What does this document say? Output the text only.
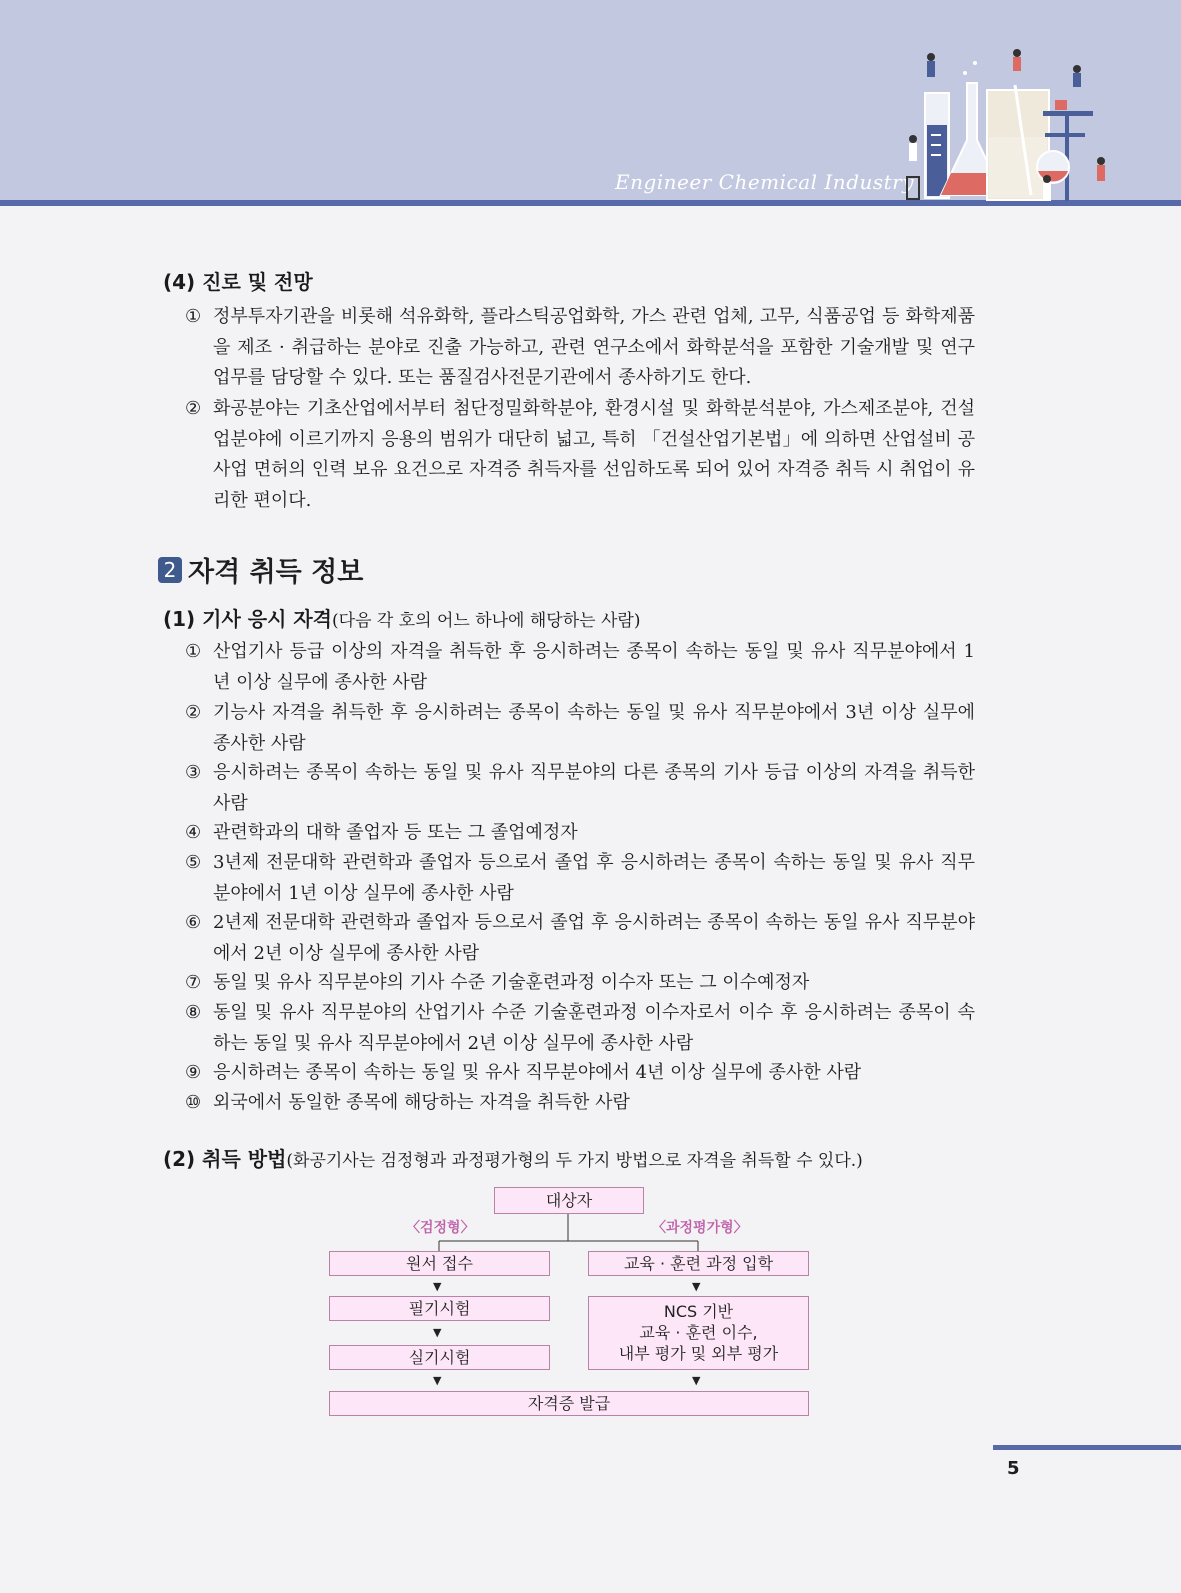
Engineer Chemical Industry
(4) 진로 및 전망
① 정부투자기관을 비롯해 석유화학, 플라스틱공업화학, 가스 관련 업체, 고무, 식품공업 등 화학제품을 제조 · 취급하는 분야로 진출 가능하고, 관련 연구소에서 화학분석을 포함한 기술개발 및 연구 업무를 담당할 수 있다. 또는 품질검사전문기관에서 종사하기도 한다.
② 화공분야는 기초산업에서부터 첨단정밀화학분야, 환경시설 및 화학분석분야, 가스제조분야, 건설업분야에 이르기까지 응용의 범위가 대단히 넓고, 특히 「건설산업기본법」에 의하면 산업설비 공사업 면허의 인력 보유 요건으로 자격증 취득자를 선임하도록 되어 있어 자격증 취득 시 취업이 유리한 편이다.
2 자격 취득 정보
(1) 기사 응시 자격(다음 각 호의 어느 하나에 해당하는 사람)
① 산업기사 등급 이상의 자격을 취득한 후 응시하려는 종목이 속하는 동일 및 유사 직무분야에서 1년 이상 실무에 종사한 사람
② 기능사 자격을 취득한 후 응시하려는 종목이 속하는 동일 및 유사 직무분야에서 3년 이상 실무에 종사한 사람
③ 응시하려는 종목이 속하는 동일 및 유사 직무분야의 다른 종목의 기사 등급 이상의 자격을 취득한 사람
④ 관련학과의 대학 졸업자 등 또는 그 졸업예정자
⑤ 3년제 전문대학 관련학과 졸업자 등으로서 졸업 후 응시하려는 종목이 속하는 동일 및 유사 직무분야에서 1년 이상 실무에 종사한 사람
⑥ 2년제 전문대학 관련학과 졸업자 등으로서 졸업 후 응시하려는 종목이 속하는 동일 유사 직무분야에서 2년 이상 실무에 종사한 사람
⑦ 동일 및 유사 직무분야의 기사 수준 기술훈련과정 이수자 또는 그 이수예정자
⑧ 동일 및 유사 직무분야의 산업기사 수준 기술훈련과정 이수자로서 이수 후 응시하려는 종목이 속하는 동일 및 유사 직무분야에서 2년 이상 실무에 종사한 사람
⑨ 응시하려는 종목이 속하는 동일 및 유사 직무분야에서 4년 이상 실무에 종사한 사람
⑩ 외국에서 동일한 종목에 해당하는 자격을 취득한 사람
(2) 취득 방법(화공기사는 검정형과 과정평가형의 두 가지 방법으로 자격을 취득할 수 있다.)
대상자
〈검정형〉	〈과정평가형〉
원서 접수
▼
필기시험
▼
실기시험
▼
교육 · 훈련 과정 입학
▼
NCS 기반
교육 · 훈련 이수,
내부 평가 및 외부 평가
▼
자격증 발급
5
